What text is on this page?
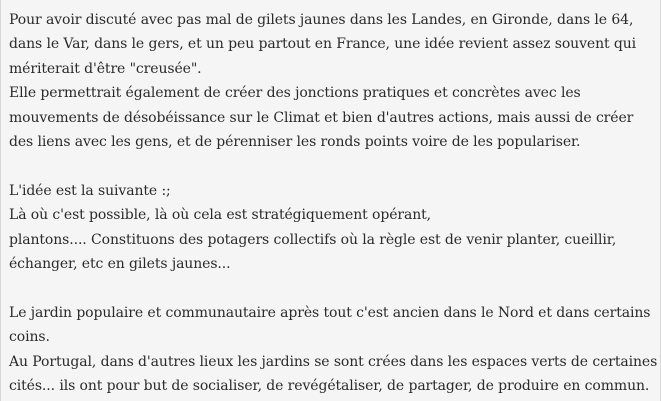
Pour avoir discuté avec pas mal de gilets jaunes dans les Landes, en Gironde, dans le 64,
dans le Var, dans le gers, et un peu partout en France, une idée revient assez souvent qui
mériterait d'être "creusée".
Elle permettrait également de créer des jonctions pratiques et concrètes avec les
mouvements de désobéissance sur le Climat et bien d'autres actions, mais aussi de créer
des liens avec les gens, et de pérenniser les ronds points voire de les populariser.
L'idée est la suivante :;
Là où c'est possible, là où cela est stratégiquement opérant,
plantons.... Constituons des potagers collectifs où la règle est de venir planter, cueillir,
échanger, etc en gilets jaunes...
Le jardin populaire et communautaire après tout c'est ancien dans le Nord et dans certains
coins.
Au Portugal, dans d'autres lieux les jardins se sont crées dans les espaces verts de certaines
cités... ils ont pour but de socialiser, de revégétaliser, de partager, de produire en commun.
